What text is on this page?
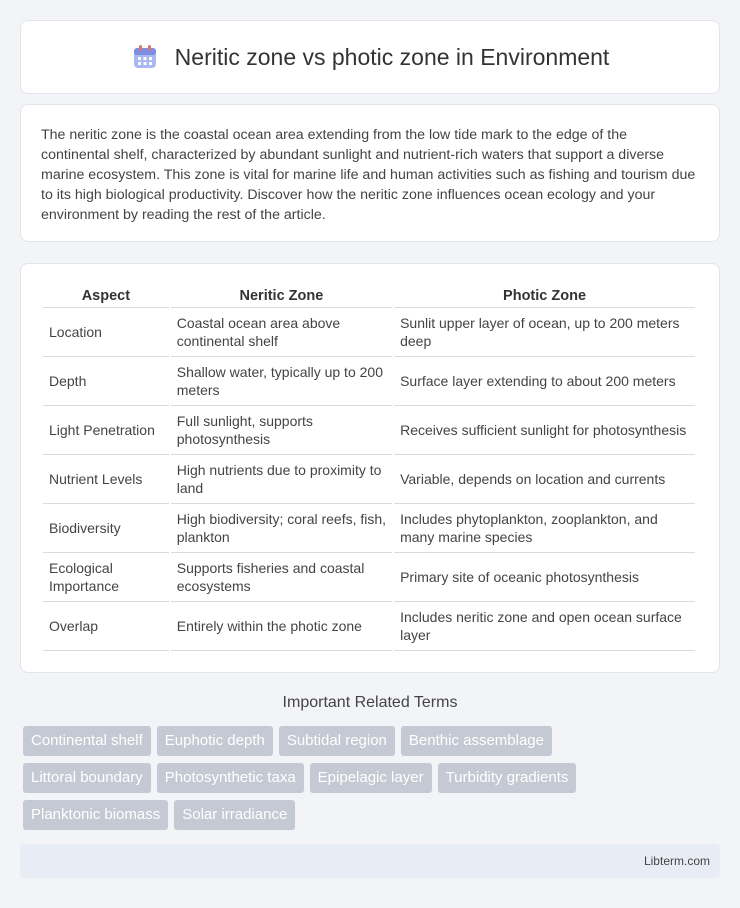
Neritic zone vs photic zone in Environment

The neritic zone is the coastal ocean area extending from the low tide mark to the edge of the continental shelf, characterized by abundant sunlight and nutrient-rich waters that support a diverse marine ecosystem. This zone is vital for marine life and human activities such as fishing and tourism due to its high biological productivity. Discover how the neritic zone influences ocean ecology and your environment by reading the rest of the article.

Aspect	Neritic Zone	Photic Zone
Location	Coastal ocean area above continental shelf	Sunlit upper layer of ocean, up to 200 meters deep
Depth	Shallow water, typically up to 200 meters	Surface layer extending to about 200 meters
Light Penetration	Full sunlight, supports photosynthesis	Receives sufficient sunlight for photosynthesis
Nutrient Levels	High nutrients due to proximity to land	Variable, depends on location and currents
Biodiversity	High biodiversity; coral reefs, fish, plankton	Includes phytoplankton, zooplankton, and many marine species
Ecological Importance	Supports fisheries and coastal ecosystems	Primary site of oceanic photosynthesis
Overlap	Entirely within the photic zone	Includes neritic zone and open ocean surface layer
Important Related Terms
Continental shelf	Euphotic depth	Subtidal region	Benthic assemblage
Littoral boundary	Photosynthetic taxa	Epipelagic layer	Turbidity gradients
Planktonic biomass	Solar irradiance
Libterm.com
